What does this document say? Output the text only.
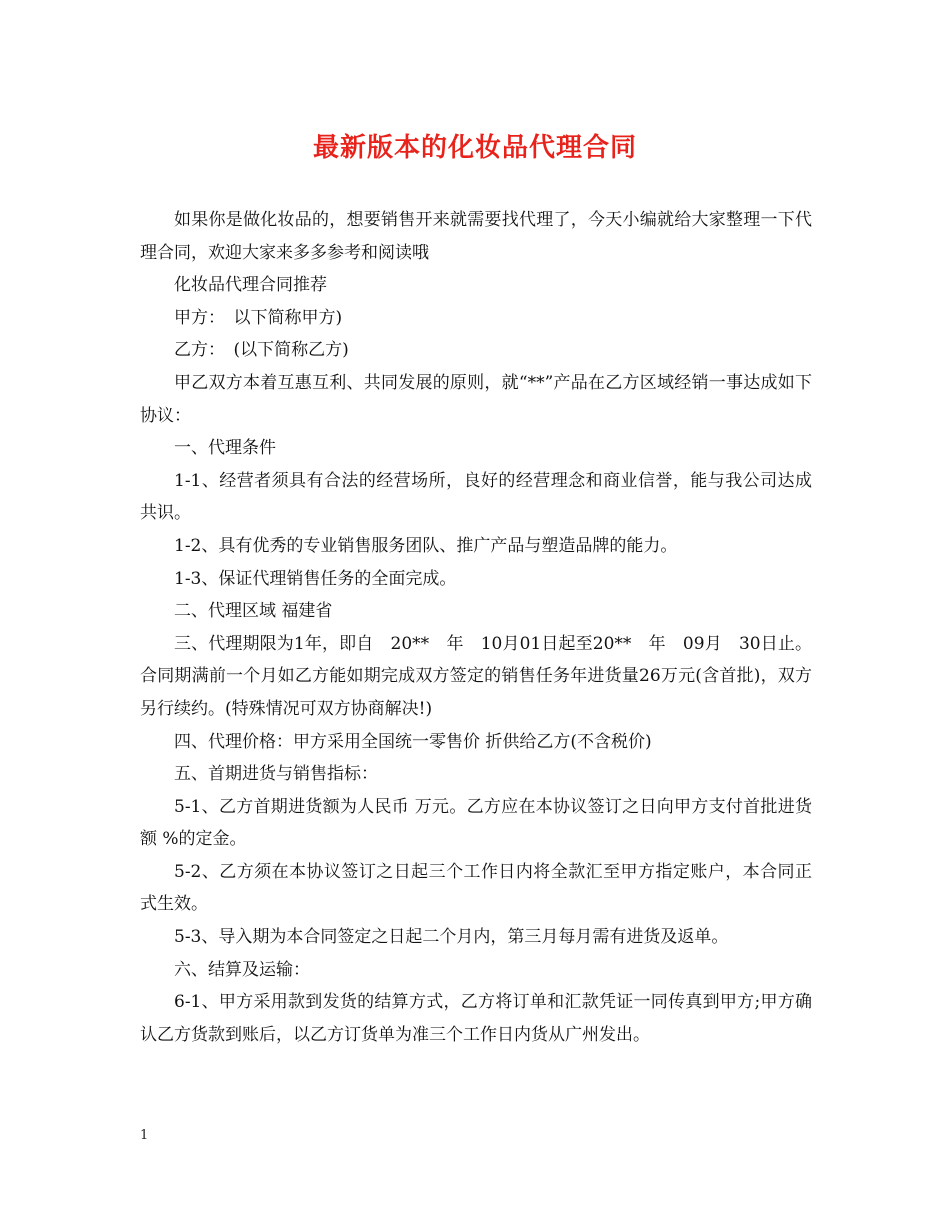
最新版本的化妆品代理合同

如果你是做化妆品的，想要销售开来就需要找代理了，今天小编就给大家整理一下代理合同，欢迎大家来多多参考和阅读哦

化妆品代理合同推荐

甲方：　以下简称甲方)

乙方：　(以下简称乙方)

甲乙双方本着互惠互利、共同发展的原则，就“**”产品在乙方区域经销一事达成如下协议：

一、代理条件

1-1、经营者须具有合法的经营场所，良好的经营理念和商业信誉，能与我公司达成共识。

1-2、具有优秀的专业销售服务团队、推广产品与塑造品牌的能力。

1-3、保证代理销售任务的全面完成。

二、代理区域 福建省

三、代理期限为1年，即自　20**　年　10月01日起至20**　年　09月　30日止。合同期满前一个月如乙方能如期完成双方签定的销售任务年进货量26万元(含首批)，双方另行续约。(特殊情况可双方协商解决!)

四、代理价格：甲方采用全国统一零售价 折供给乙方(不含税价)

五、首期进货与销售指标：

5-1、乙方首期进货额为人民币 万元。乙方应在本协议签订之日向甲方支付首批进货额 %的定金。

5-2、乙方须在本协议签订之日起三个工作日内将全款汇至甲方指定账户，本合同正式生效。

5-3、导入期为本合同签定之日起二个月内，第三月每月需有进货及返单。

六、结算及运输：

6-1、甲方采用款到发货的结算方式，乙方将订单和汇款凭证一同传真到甲方;甲方确认乙方货款到账后，以乙方订货单为准三个工作日内货从广州发出。

1
